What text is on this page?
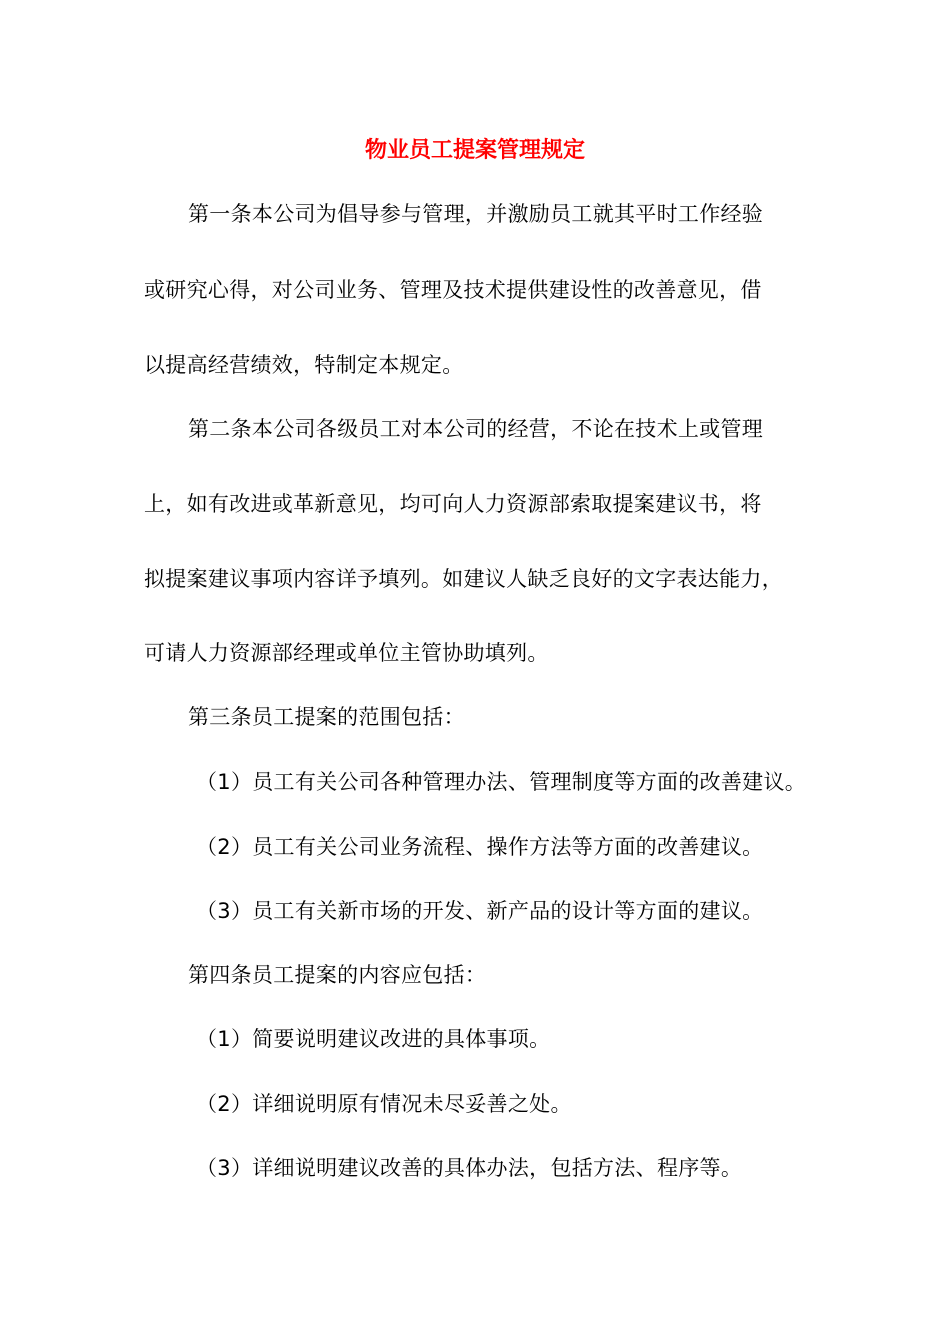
物业员工提案管理规定
第一条本公司为倡导参与管理，并激励员工就其平时工作经验
或研究心得，对公司业务、管理及技术提供建设性的改善意见，借
以提高经营绩效，特制定本规定。
第二条本公司各级员工对本公司的经营，不论在技术上或管理
上，如有改进或革新意见，均可向人力资源部索取提案建议书，将
拟提案建议事项内容详予填列。如建议人缺乏良好的文字表达能力，
可请人力资源部经理或单位主管协助填列。
第三条员工提案的范围包括：
（1）员工有关公司各种管理办法、管理制度等方面的改善建议。
（2）员工有关公司业务流程、操作方法等方面的改善建议。
（3）员工有关新市场的开发、新产品的设计等方面的建议。
第四条员工提案的内容应包括：
（1）简要说明建议改进的具体事项。
（2）详细说明原有情况未尽妥善之处。
（3）详细说明建议改善的具体办法，包括方法、程序等。
